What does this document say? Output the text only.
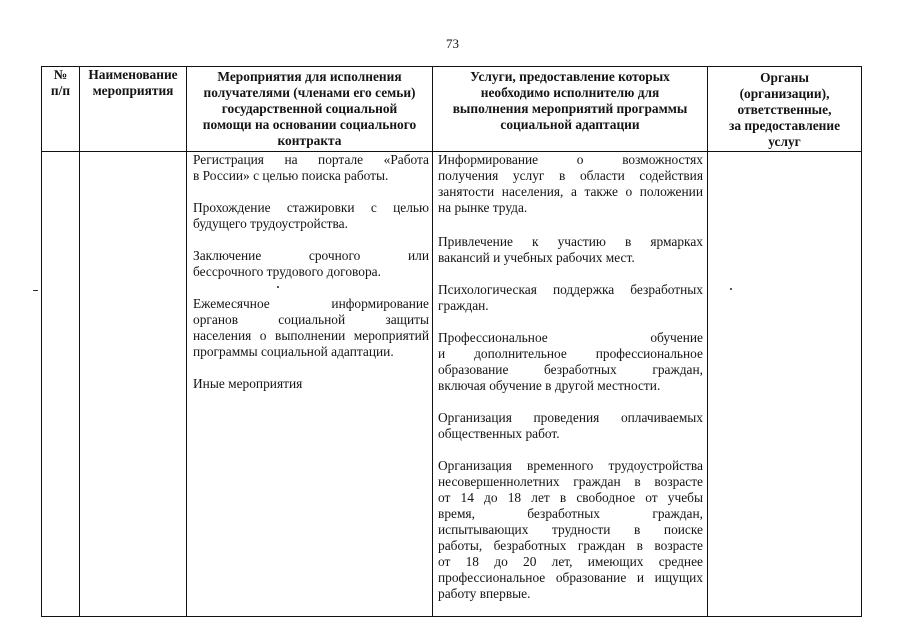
73
№
п/п
Наименование
мероприятия
Мероприятия для исполнения
получателями (членами его семьи)
государственной социальной
помощи на основании социального
контракта
Услуги, предоставление которых
необходимо исполнителю для
выполнения мероприятий программы
социальной адаптации
Органы
(организации),
ответственные,
за предоставление
услуг
Регистрация на портале «Работа
в России» с целью поиска работы.
Прохождение стажировки с целью
будущего трудоустройства.
Заключение срочного или
бессрочного трудового договора.
Ежемесячное информирование
органов социальной защиты
населения о выполнении мероприятий
программы социальной адаптации.
Иные мероприятия
Информирование о возможностях
получения услуг в области содействия
занятости населения, а также о положении
на рынке труда.
Привлечение к участию в ярмарках
вакансий и учебных рабочих мест.
Психологическая поддержка безработных
граждан.
Профессиональное обучение
и дополнительное профессиональное
образование безработных граждан,
включая обучение в другой местности.
Организация проведения оплачиваемых
общественных работ.
Организация временного трудоустройства
несовершеннолетних граждан в возрасте
от 14 до 18 лет в свободное от учебы
время, безработных граждан,
испытывающих трудности в поиске
работы, безработных граждан в возрасте
от 18 до 20 лет, имеющих среднее
профессиональное образование и ищущих
работу впервые.
